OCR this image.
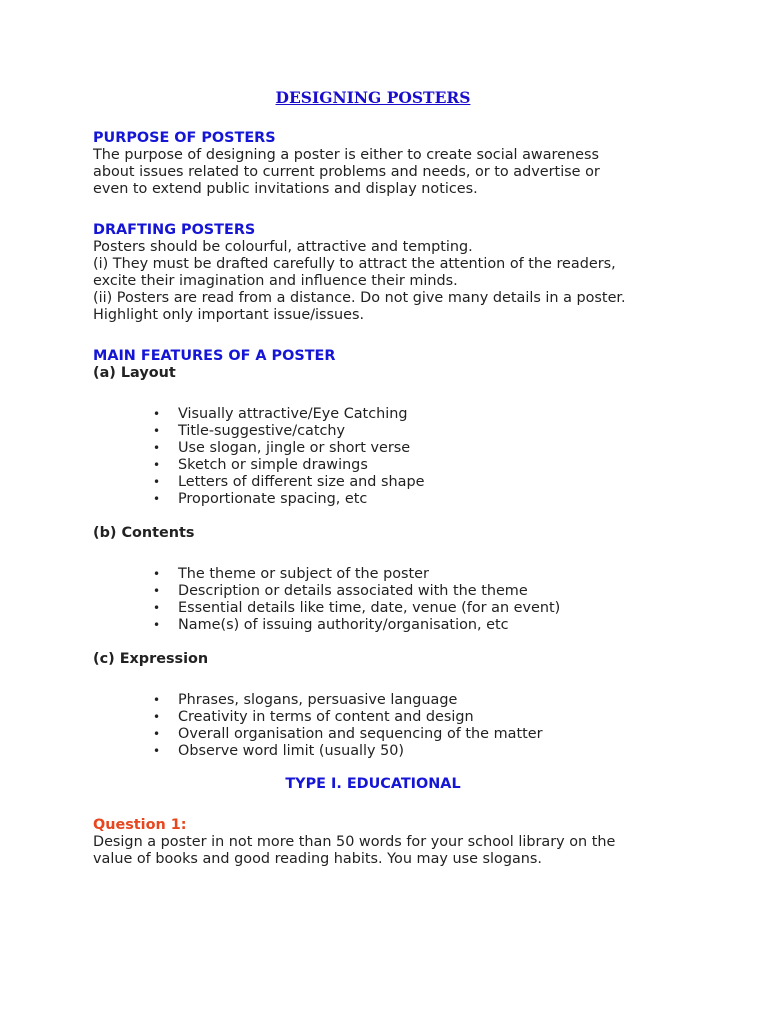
DESIGNING POSTERS
PURPOSE OF POSTERS
The purpose of designing a poster is either to create social awareness
about issues related to current problems and needs, or to advertise or
even to extend public invitations and display notices.
DRAFTING POSTERS
Posters should be colourful, attractive and tempting.
(i) They must be drafted carefully to attract the attention of the readers,
excite their imagination and influence their minds.
(ii) Posters are read from a distance. Do not give many details in a poster.
Highlight only important issue/issues.
MAIN FEATURES OF A POSTER
(a) Layout
• Visually attractive/Eye Catching
• Title-suggestive/catchy
• Use slogan, jingle or short verse
• Sketch or simple drawings
• Letters of different size and shape
• Proportionate spacing, etc
(b) Contents
• The theme or subject of the poster
• Description or details associated with the theme
• Essential details like time, date, venue (for an event)
• Name(s) of issuing authority/organisation, etc
(c) Expression
• Phrases, slogans, persuasive language
• Creativity in terms of content and design
• Overall organisation and sequencing of the matter
• Observe word limit (usually 50)
TYPE I. EDUCATIONAL
Question 1:
Design a poster in not more than 50 words for your school library on the
value of books and good reading habits. You may use slogans.
